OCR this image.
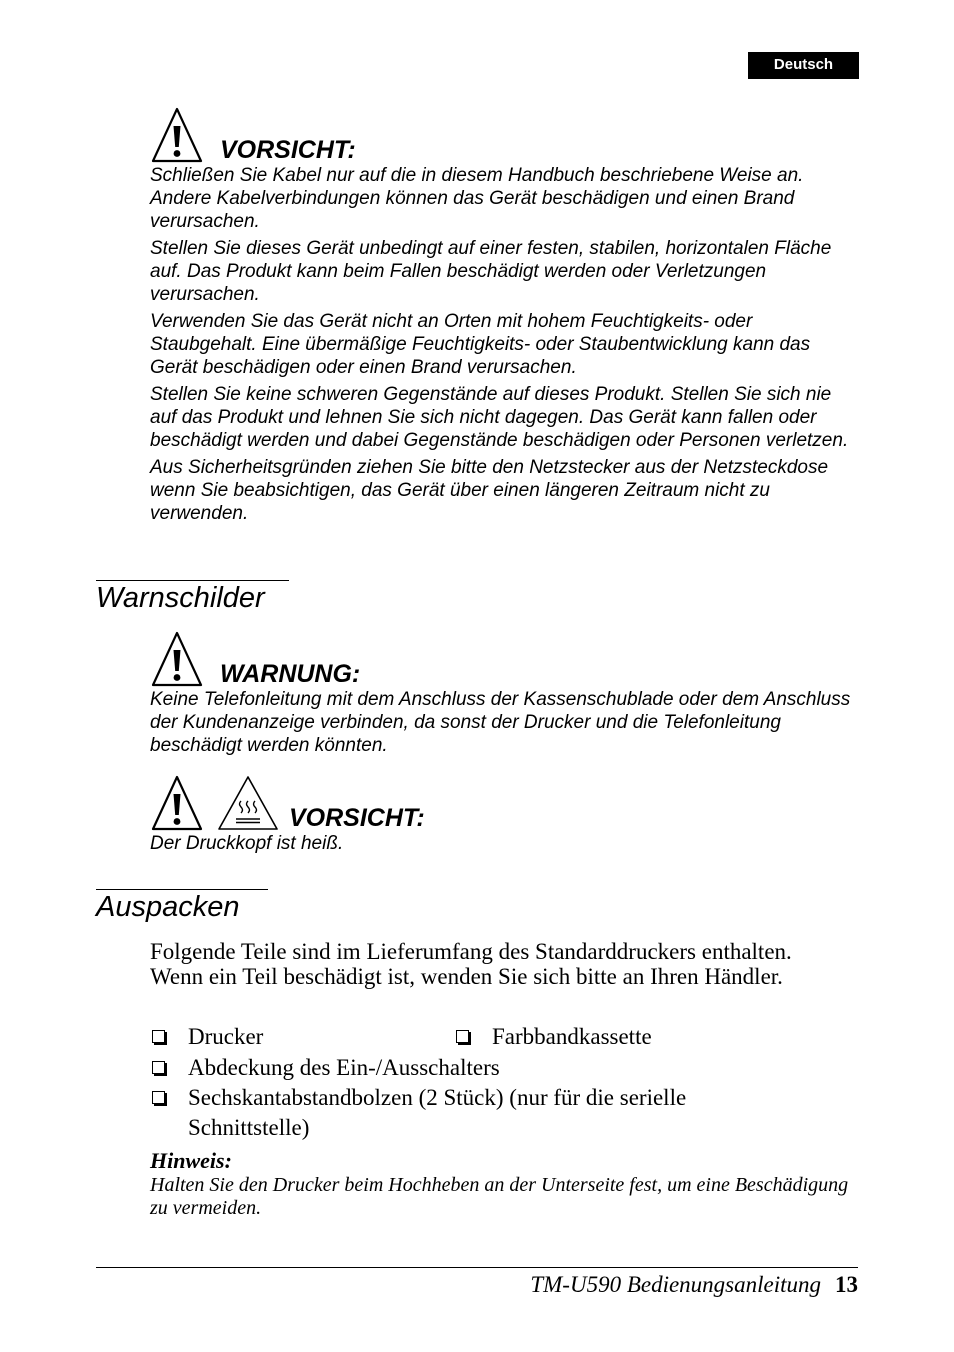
Deutsch
VORSICHT:

Schließen Sie Kabel nur auf die in diesem Handbuch beschriebene Weise an. Andere Kabelverbindungen können das Gerät beschädigen und einen Brand verursachen.

Stellen Sie dieses Gerät unbedingt auf einer festen, stabilen, horizontalen Fläche auf. Das Produkt kann beim Fallen beschädigt werden oder Verletzungen verursachen.

Verwenden Sie das Gerät nicht an Orten mit hohem Feuchtigkeits- oder Staubgehalt. Eine übermäßige Feuchtigkeits- oder Staubentwicklung kann das Gerät beschädigen oder einen Brand verursachen.

Stellen Sie keine schweren Gegenstände auf dieses Produkt. Stellen Sie sich nie auf das Produkt und lehnen Sie sich nicht dagegen. Das Gerät kann fallen oder beschädigt werden und dabei Gegenstände beschädigen oder Personen verletzen.

Aus Sicherheitsgründen ziehen Sie bitte den Netzstecker aus der Netzsteckdose wenn Sie beabsichtigen, das Gerät über einen längeren Zeitraum nicht zu verwenden.

Warnschilder
WARNUNG:

Keine Telefonleitung mit dem Anschluss der Kassenschublade oder dem Anschluss der Kundenanzeige verbinden, da sonst der Drucker und die Telefonleitung beschädigt werden könnten.

VORSICHT:

Der Druckkopf ist heiß.

Auspacken

Folgende Teile sind im Lieferumfang des Standarddruckers enthalten. Wenn ein Teil beschädigt ist, wenden Sie sich bitte an Ihren Händler.

Drucker	Farbbandkassette
Abdeckung des Ein-/Ausschalters
Sechskantabstandbolzen (2 Stück) (nur für die serielle Schnittstelle)
Hinweis:

Halten Sie den Drucker beim Hochheben an der Unterseite fest, um eine Beschädigung zu vermeiden.

TM-U590 Bedienungsanleitung 13
